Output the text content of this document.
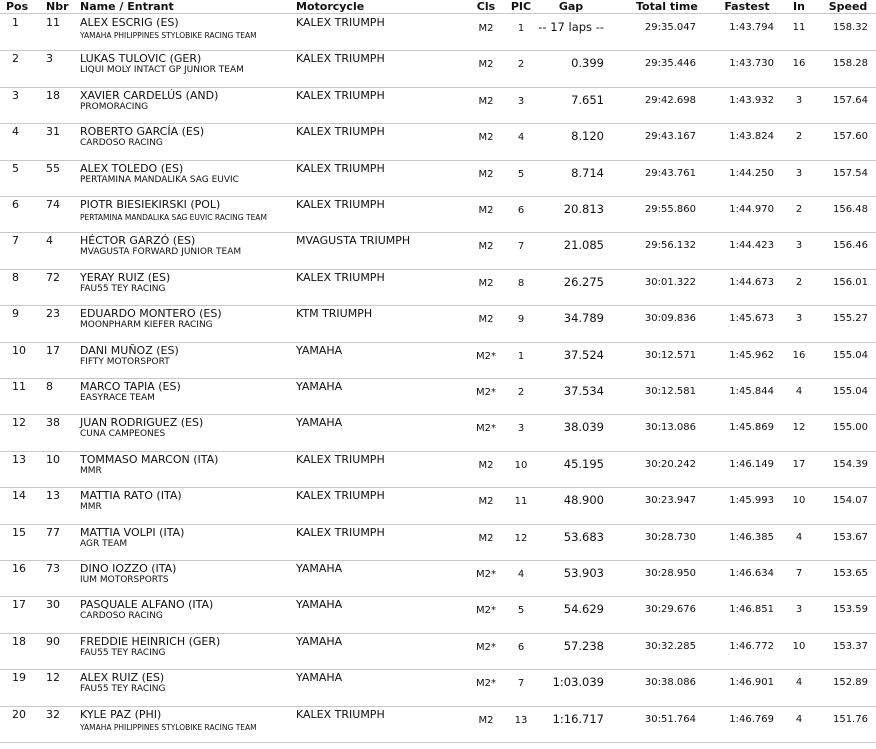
Pos Nbr Name / Entrant	Motorcycle	Cls PIC	Gap	Total time Fastest	In	Speed
1 11 ALEX ESCRIG (ES)
YAMAHA PHILIPPINES STYLOBIKE RACING TEAM
KALEX TRIUMPH	M2	1	-- 17 laps --	29:35.047	1:43.794	11	158.32
2 3 LUKAS TULOVIC (GER)
LIQUI MOLY INTACT GP JUNIOR TEAM
KALEX TRIUMPH	M2	2	0.399	29:35.446	1:43.730	16	158.28
3 18 XAVIER CARDELÚS (AND)
PROMORACING
KALEX TRIUMPH	M2	3	7.651	29:42.698	1:43.932	3	157.64
4 31 ROBERTO GARCÍA (ES)
CARDOSO RACING
KALEX TRIUMPH	M2	4	8.120	29:43.167	1:43.824	2	157.60
5 55 ALEX TOLEDO (ES)
PERTAMINA MANDALIKA SAG EUVIC
KALEX TRIUMPH	M2	5	8.714	29:43.761	1:44.250	3	157.54
6 74 PIOTR BIESIEKIRSKI (POL)
PERTAMINA MANDALIKA SAG EUVIC RACING TEAM
KALEX TRIUMPH	M2	6	20.813	29:55.860	1:44.970	2	156.48
7 4 HÉCTOR GARZÓ (ES)
MVAGUSTA FORWARD JUNIOR TEAM
MVAGUSTA TRIUMPH	M2	7	21.085	29:56.132	1:44.423	3	156.46
8 72 YERAY RUIZ (ES)
FAU55 TEY RACING
KALEX TRIUMPH	M2	8	26.275	30:01.322	1:44.673	2	156.01
9 23 EDUARDO MONTERO (ES)
MOONPHARM KIEFER RACING
KTM TRIUMPH	M2	9	34.789	30:09.836	1:45.673	3	155.27
10 17 DANI MUÑOZ (ES)
FIFTY MOTORSPORT
YAMAHA	M2*	1	37.524	30:12.571	1:45.962	16	155.04
11 8 MARCO TAPIA (ES)
EASYRACE TEAM
YAMAHA	M2*	2	37.534	30:12.581	1:45.844	4	155.04
12 38 JUAN RODRIGUEZ (ES)
CUNA CAMPEONES
YAMAHA	M2*	3	38.039	30:13.086	1:45.869	12	155.00
13 10 TOMMASO MARCON (ITA)
MMR
KALEX TRIUMPH	M2	10	45.195	30:20.242	1:46.149	17	154.39
14 13 MATTIA RATO (ITA)
MMR
KALEX TRIUMPH	M2	11	48.900	30:23.947	1:45.993	10	154.07
15 77 MATTIA VOLPI (ITA)
AGR TEAM
KALEX TRIUMPH	M2	12	53.683	30:28.730	1:46.385	4	153.67
16 73 DINO IOZZO (ITA)
IUM MOTORSPORTS
YAMAHA	M2*	4	53.903	30:28.950	1:46.634	7	153.65
17 30 PASQUALE ALFANO (ITA)
CARDOSO RACING
YAMAHA	M2*	5	54.629	30:29.676	1:46.851	3	153.59
18 90 FREDDIE HEINRICH (GER)
FAU55 TEY RACING
YAMAHA	M2*	6	57.238	30:32.285	1:46.772	10	153.37
19 12 ALEX RUIZ (ES)
FAU55 TEY RACING
YAMAHA	M2*	7	1:03.039	30:38.086	1:46.901	4	152.89
20 32 KYLE PAZ (PHI)
YAMAHA PHILIPPINES STYLOBIKE RACING TEAM
KALEX TRIUMPH	M2	13	1:16.717	30:51.764	1:46.769	4	151.76
